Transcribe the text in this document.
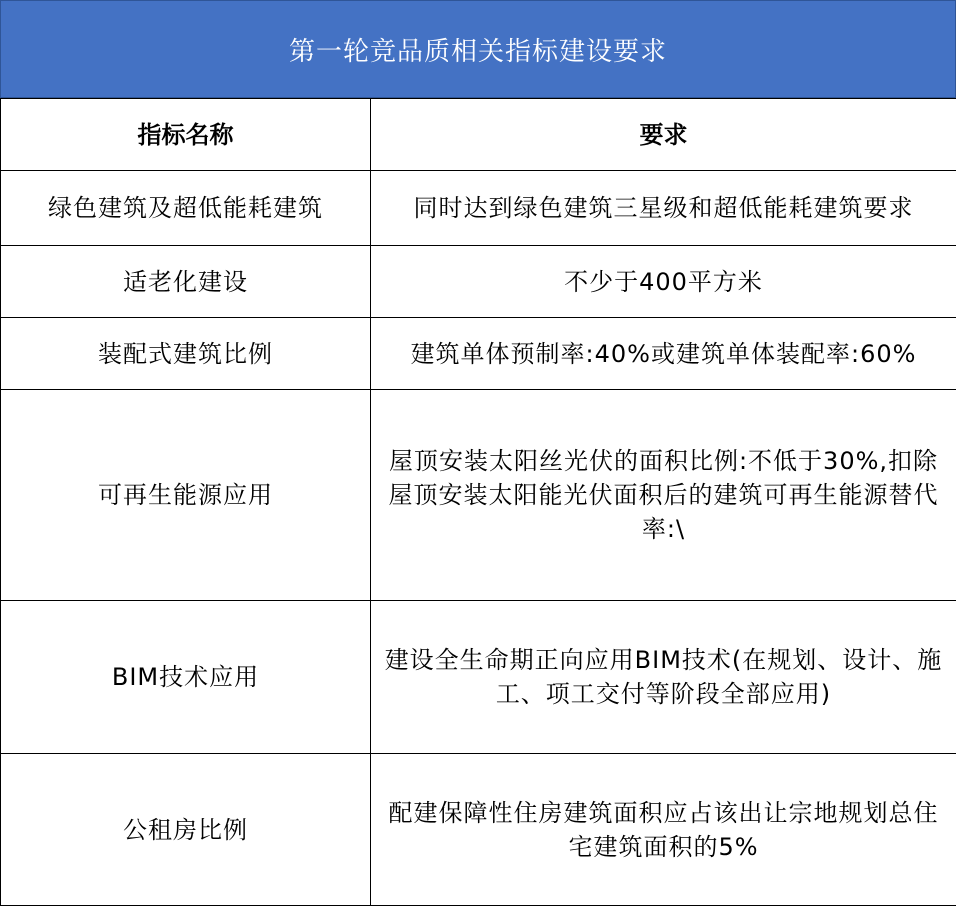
第一轮竞品质相关指标建设要求
指标名称	要求
绿色建筑及超低能耗建筑	同时达到绿色建筑三星级和超低能耗建筑要求
适老化建设	不少于400平方米
装配式建筑比例	建筑单体预制率:40%或建筑单体装配率:60%
可再生能源应用	屋顶安装太阳丝光伏的面积比例:不低于30%,扣除屋顶安装太阳能光伏面积后的建筑可再生能源替代率:\
BIM技术应用	建设全生命期正向应用BIM技术(在规划、设计、施工、项工交付等阶段全部应用)
公租房比例	配建保障性住房建筑面积应占该出让宗地规划总住宅建筑面积的5%
